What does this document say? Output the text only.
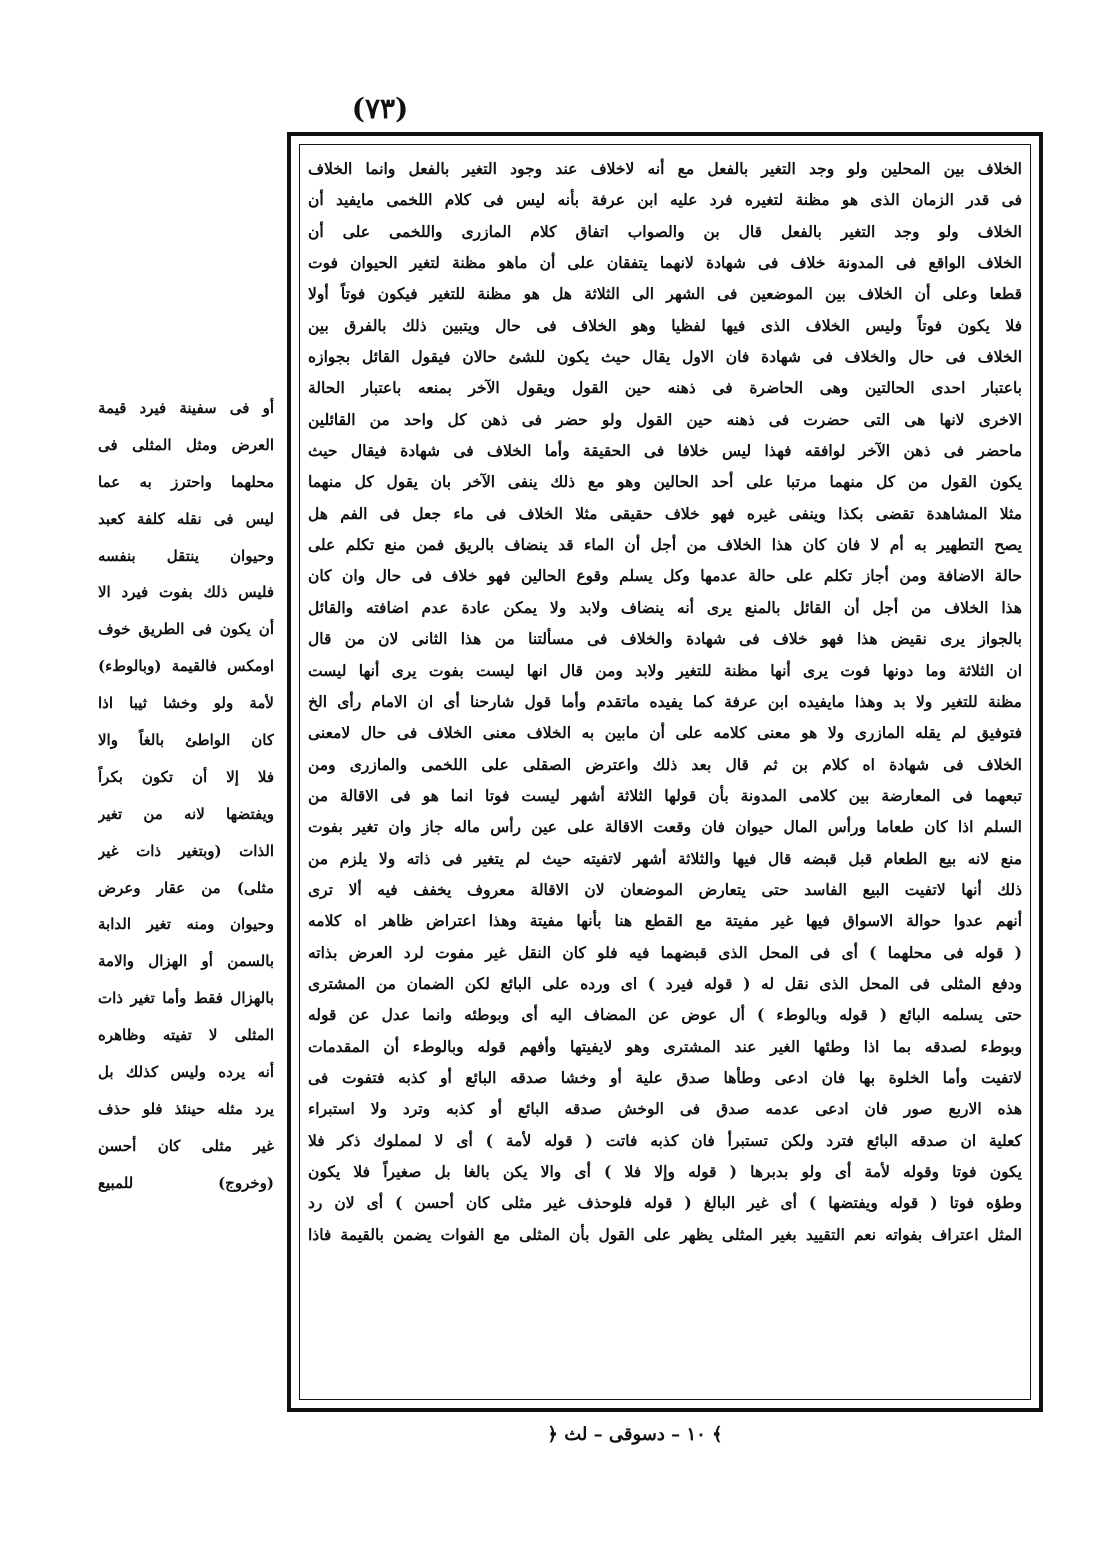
(٧٣)
الخلاف بين المحلين ولو وجد التغير بالفعل مع أنه لاخلاف عند وجود التغير بالفعل وانما الخلاف
فى قدر الزمان الذى هو مظنة لتغيره فرد عليه ابن عرفة بأنه ليس فى كلام اللخمى مايفيد أن
الخلاف ولو وجد التغير بالفعل قال بن والصواب اتفاق كلام المازرى واللخمى على أن
الخلاف الواقع فى المدونة خلاف فى شهادة لانهما يتفقان على أن ماهو مظنة لتغير الحيوان فوت
قطعا وعلى أن الخلاف بين الموضعين فى الشهر الى الثلاثة هل هو مظنة للتغير فيكون فوتاً أولا
فلا يكون فوتاً وليس الخلاف الذى فيها لفظيا وهو الخلاف فى حال ويتبين ذلك بالفرق بين
الخلاف فى حال والخلاف فى شهادة فان الاول يقال حيث يكون للشئ حالان فيقول القائل بجوازه
باعتبار احدى الحالتين وهى الحاضرة فى ذهنه حين القول ويقول الآخر بمنعه باعتبار الحالة
الاخرى لانها هى التى حضرت فى ذهنه حين القول ولو حضر فى ذهن كل واحد من القائلين
ماحضر فى ذهن الآخر لوافقه فهذا ليس خلافا فى الحقيقة وأما الخلاف فى شهادة فيقال حيث
يكون القول من كل منهما مرتبا على أحد الحالين وهو مع ذلك ينفى الآخر بان يقول كل منهما
مثلا المشاهدة تقضى بكذا وينفى غيره فهو خلاف حقيقى مثلا الخلاف فى ماء جعل فى الفم هل
يصح التطهير به أم لا فان كان هذا الخلاف من أجل أن الماء قد ينضاف بالريق فمن منع تكلم على
حالة الاضافة ومن أجاز تكلم على حالة عدمها وكل يسلم وقوع الحالين فهو خلاف فى حال وان كان
هذا الخلاف من أجل أن القائل بالمنع يرى أنه ينضاف ولابد ولا يمكن عادة عدم اضافته والقائل
بالجواز يرى نقيض هذا فهو خلاف فى شهادة والخلاف فى مسألتنا من هذا الثانى لان من قال
ان الثلاثة وما دونها فوت يرى أنها مظنة للتغير ولابد ومن قال انها ليست بفوت يرى أنها ليست
مظنة للتغير ولا بد وهذا مايفيده ابن عرفة كما يفيده ماتقدم وأما قول شارحنا أى ان الامام رأى الخ
فتوفيق لم يقله المازرى ولا هو معنى كلامه على أن مابين به الخلاف معنى الخلاف فى حال لامعنى
الخلاف فى شهادة اه كلام بن ثم قال بعد ذلك واعترض الصقلى على اللخمى والمازرى ومن
تبعهما فى المعارضة بين كلامى المدونة بأن قولها الثلاثة أشهر ليست فوتا انما هو فى الاقالة من
السلم اذا كان طعاما ورأس المال حيوان فان وقعت الاقالة على عين رأس ماله جاز وان تغير بفوت
منع لانه بيع الطعام قبل قبضه قال فيها والثلاثة أشهر لاتفيته حيث لم يتغير فى ذاته ولا يلزم من
ذلك أنها لاتفيت البيع الفاسد حتى يتعارض الموضعان لان الاقالة معروف يخفف فيه ألا ترى
أنهم عدوا حوالة الاسواق فيها غير مفيتة مع القطع هنا بأنها مفيتة وهذا اعتراض ظاهر اه كلامه
( قوله فى محلهما ) أى فى المحل الذى قبضهما فيه فلو كان النقل غير مفوت لرد العرض بذاته
ودفع المثلى فى المحل الذى نقل له ( قوله فيرد ) اى ورده على البائع لكن الضمان من المشترى
حتى يسلمه البائع ( قوله وبالوطء ) أل عوض عن المضاف اليه أى وبوطئه وانما عدل عن قوله
وبوطء لصدقه بما اذا وطئها الغير عند المشترى وهو لايفيتها وأفهم قوله وبالوطء أن المقدمات
لاتفيت وأما الخلوة بها فان ادعى وطأها صدق علية أو وخشا صدقه البائع أو كذبه فتفوت فى
هذه الاربع صور فان ادعى عدمه صدق فى الوخش صدقه البائع أو كذبه وترد ولا استبراء
كعلية ان صدقه البائع فترد ولكن تستبرأ فان كذبه فاتت ( قوله لأمة ) أى لا لمملوك ذكر فلا
يكون فوتا وقوله لأمة أى ولو بدبرها ( قوله وإلا فلا ) أى والا يكن بالغا بل صغيراً فلا يكون
وطؤه فوتا ( قوله ويفتضها ) أى غير البالغ ( قوله فلوحذف غير مثلى كان أحسن ) أى لان رد
المثل اعتراف بفواته نعم التقييد بغير المثلى يظهر على القول بأن المثلى مع الفوات يضمن بالقيمة فاذا
أو فى سفينة فيرد قيمة
العرض ومثل المثلى فى
محلهما واحترز به عما
ليس فى نقله كلفة كعبد
وحيوان ينتقل بنفسه
فليس ذلك بفوت فيرد الا
أن يكون فى الطريق خوف
اومكس فالقيمة (وبالوطء)
لأمة ولو وخشا ثيبا اذا
كان الواطئ بالغاً والا
فلا إلا أن تكون بكراً
ويفتضها لانه من تغير
الذات (وبتغير ذات غير
مثلى) من عقار وعرض
وحيوان ومنه تغير الدابة
بالسمن أو الهزال والامة
بالهزال فقط وأما تغير ذات
المثلى لا تفيته وظاهره
أنه يرده وليس كذلك بل
يرد مثله حينئذ فلو حذف
غير مثلى كان أحسن
(وخروج) للمبيع
﴾ ١٠ – دسوقى – لث ﴿
